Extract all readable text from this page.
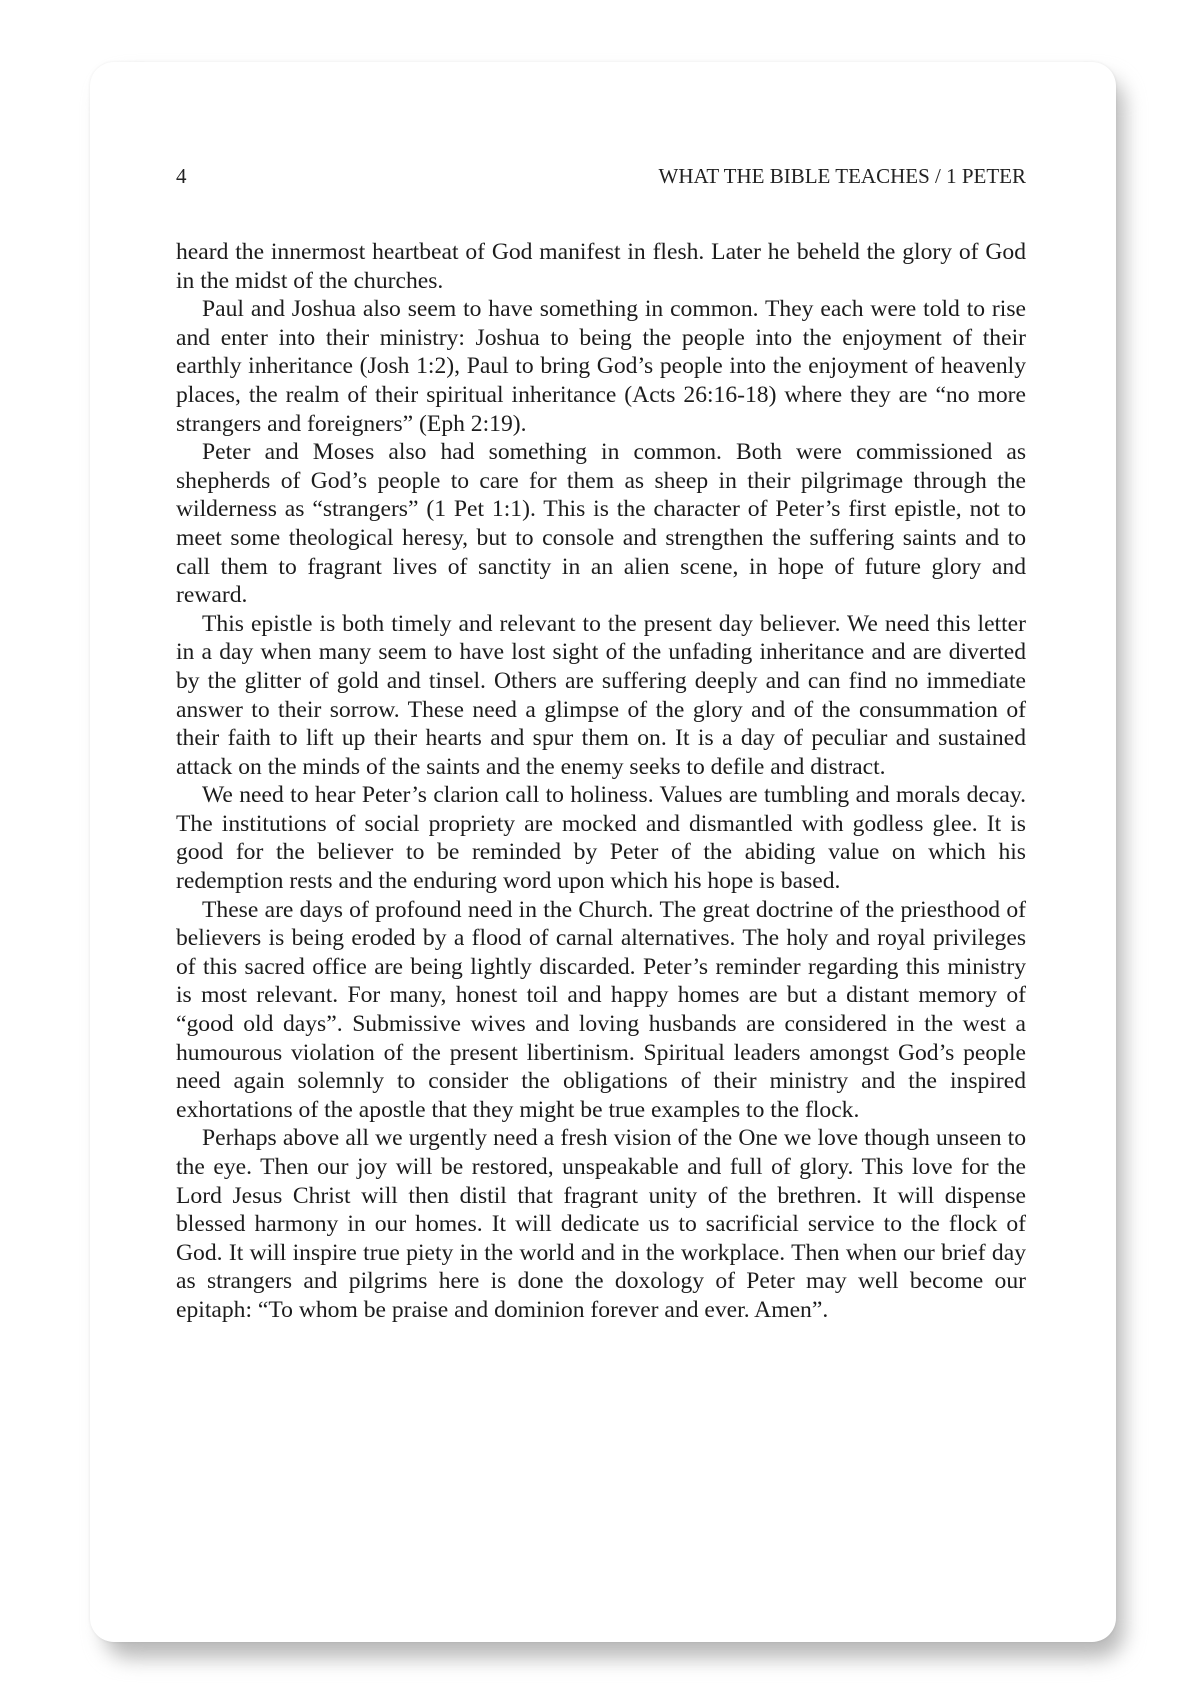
4	WHAT THE BIBLE TEACHES / 1 PETER

heard the innermost heartbeat of God manifest in flesh. Later he beheld the glory of God in the midst of the churches.

Paul and Joshua also seem to have something in common. They each were told to rise and enter into their ministry: Joshua to being the people into the enjoyment of their earthly inheritance (Josh 1:2), Paul to bring God’s people into the enjoyment of heavenly places, the realm of their spiritual inheritance (Acts 26:16-18) where they are “no more strangers and foreigners” (Eph 2:19).

Peter and Moses also had something in common. Both were commissioned as shepherds of God’s people to care for them as sheep in their pilgrimage through the wilderness as “strangers” (1 Pet 1:1). This is the character of Peter’s first epistle, not to meet some theological heresy, but to console and strengthen the suffering saints and to call them to fragrant lives of sanctity in an alien scene, in hope of future glory and reward.

This epistle is both timely and relevant to the present day believer. We need this letter in a day when many seem to have lost sight of the unfading inheritance and are diverted by the glitter of gold and tinsel. Others are suffering deeply and can find no immediate answer to their sorrow. These need a glimpse of the glory and of the consummation of their faith to lift up their hearts and spur them on. It is a day of peculiar and sustained attack on the minds of the saints and the enemy seeks to defile and distract.

We need to hear Peter’s clarion call to holiness. Values are tumbling and morals decay. The institutions of social propriety are mocked and dismantled with godless glee. It is good for the believer to be reminded by Peter of the abiding value on which his redemption rests and the enduring word upon which his hope is based.

These are days of profound need in the Church. The great doctrine of the priesthood of believers is being eroded by a flood of carnal alternatives. The holy and royal privileges of this sacred office are being lightly discarded. Peter’s reminder regarding this ministry is most relevant. For many, honest toil and happy homes are but a distant memory of “good old days”. Submissive wives and loving husbands are considered in the west a humourous violation of the present libertinism. Spiritual leaders amongst God’s people need again solemnly to consider the obligations of their ministry and the inspired exhortations of the apostle that they might be true examples to the flock.

Perhaps above all we urgently need a fresh vision of the One we love though unseen to the eye. Then our joy will be restored, unspeakable and full of glory. This love for the Lord Jesus Christ will then distil that fragrant unity of the brethren. It will dispense blessed harmony in our homes. It will dedicate us to sacrificial service to the flock of God. It will inspire true piety in the world and in the workplace. Then when our brief day as strangers and pilgrims here is done the doxology of Peter may well become our epitaph: “To whom be praise and dominion forever and ever. Amen”.
